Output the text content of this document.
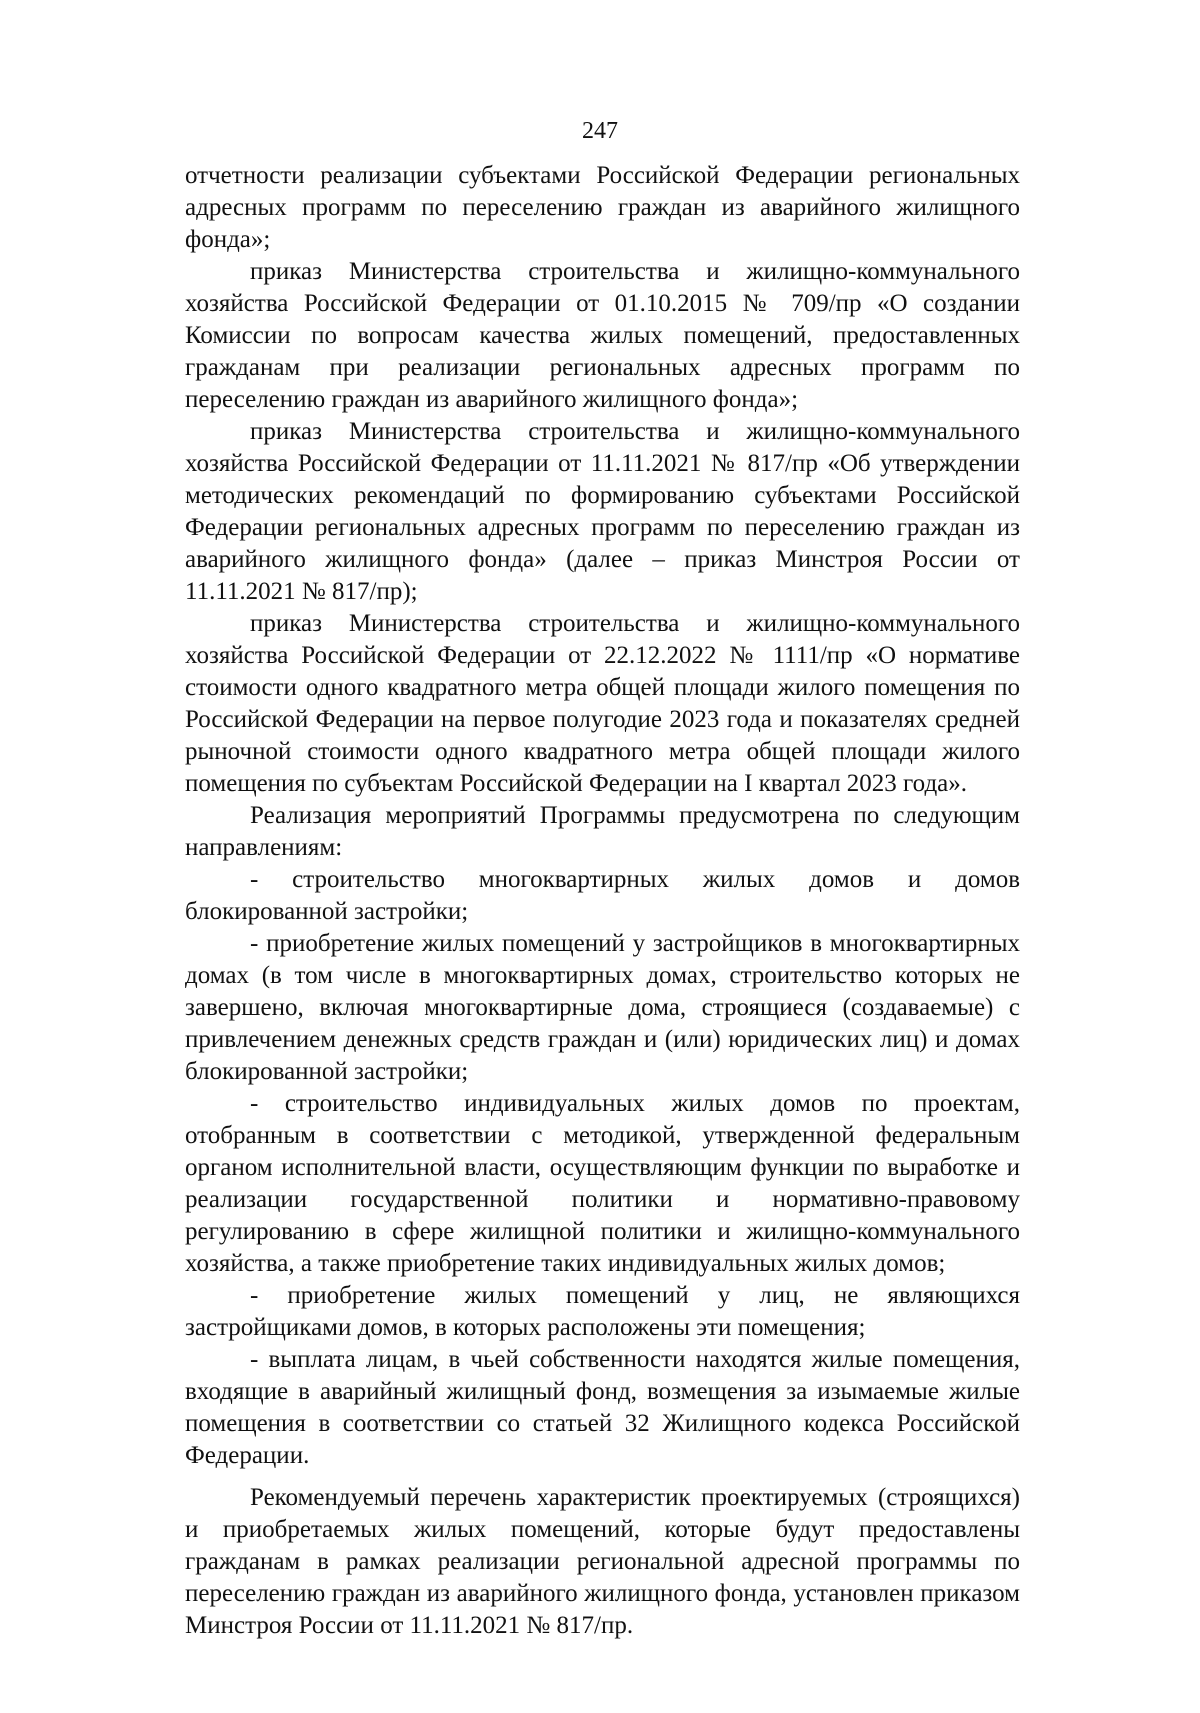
247

отчетности реализации субъектами Российской Федерации региональных адресных программ по переселению граждан из аварийного жилищного фонда»;

приказ Министерства строительства и жилищно-коммунального хозяйства Российской Федерации от 01.10.2015 № 709/пр «О создании Комиссии по вопросам качества жилых помещений, предоставленных гражданам при реализации региональных адресных программ по переселению граждан из аварийного жилищного фонда»;

приказ Министерства строительства и жилищно-коммунального хозяйства Российской Федерации от 11.11.2021 № 817/пр «Об утверждении методических рекомендаций по формированию субъектами Российской Федерации региональных адресных программ по переселению граждан из аварийного жилищного фонда» (далее – приказ Минстроя России от 11.11.2021 № 817/пр);

приказ Министерства строительства и жилищно-коммунального хозяйства Российской Федерации от 22.12.2022 № 1111/пр «О нормативе стоимости одного квадратного метра общей площади жилого помещения по Российской Федерации на первое полугодие 2023 года и показателях средней рыночной стоимости одного квадратного метра общей площади жилого помещения по субъектам Российской Федерации на I квартал 2023 года».

Реализация мероприятий Программы предусмотрена по следующим направлениям:

- строительство многоквартирных жилых домов и домов блокированной застройки;

- приобретение жилых помещений у застройщиков в многоквартирных домах (в том числе в многоквартирных домах, строительство которых не завершено, включая многоквартирные дома, строящиеся (создаваемые) с привлечением денежных средств граждан и (или) юридических лиц) и домах блокированной застройки;

- строительство индивидуальных жилых домов по проектам, отобранным в соответствии с методикой, утвержденной федеральным органом исполнительной власти, осуществляющим функции по выработке и реализации государственной политики и нормативно-правовому регулированию в сфере жилищной политики и жилищно-коммунального хозяйства, а также приобретение таких индивидуальных жилых домов;

- приобретение жилых помещений у лиц, не являющихся застройщиками домов, в которых расположены эти помещения;

- выплата лицам, в чьей собственности находятся жилые помещения, входящие в аварийный жилищный фонд, возмещения за изымаемые жилые помещения в соответствии со статьей 32 Жилищного кодекса Российской Федерации.

Рекомендуемый перечень характеристик проектируемых (строящихся) и приобретаемых жилых помещений, которые будут предоставлены гражданам в рамках реализации региональной адресной программы по переселению граждан из аварийного жилищного фонда, установлен приказом Минстроя России от 11.11.2021 № 817/пр.
